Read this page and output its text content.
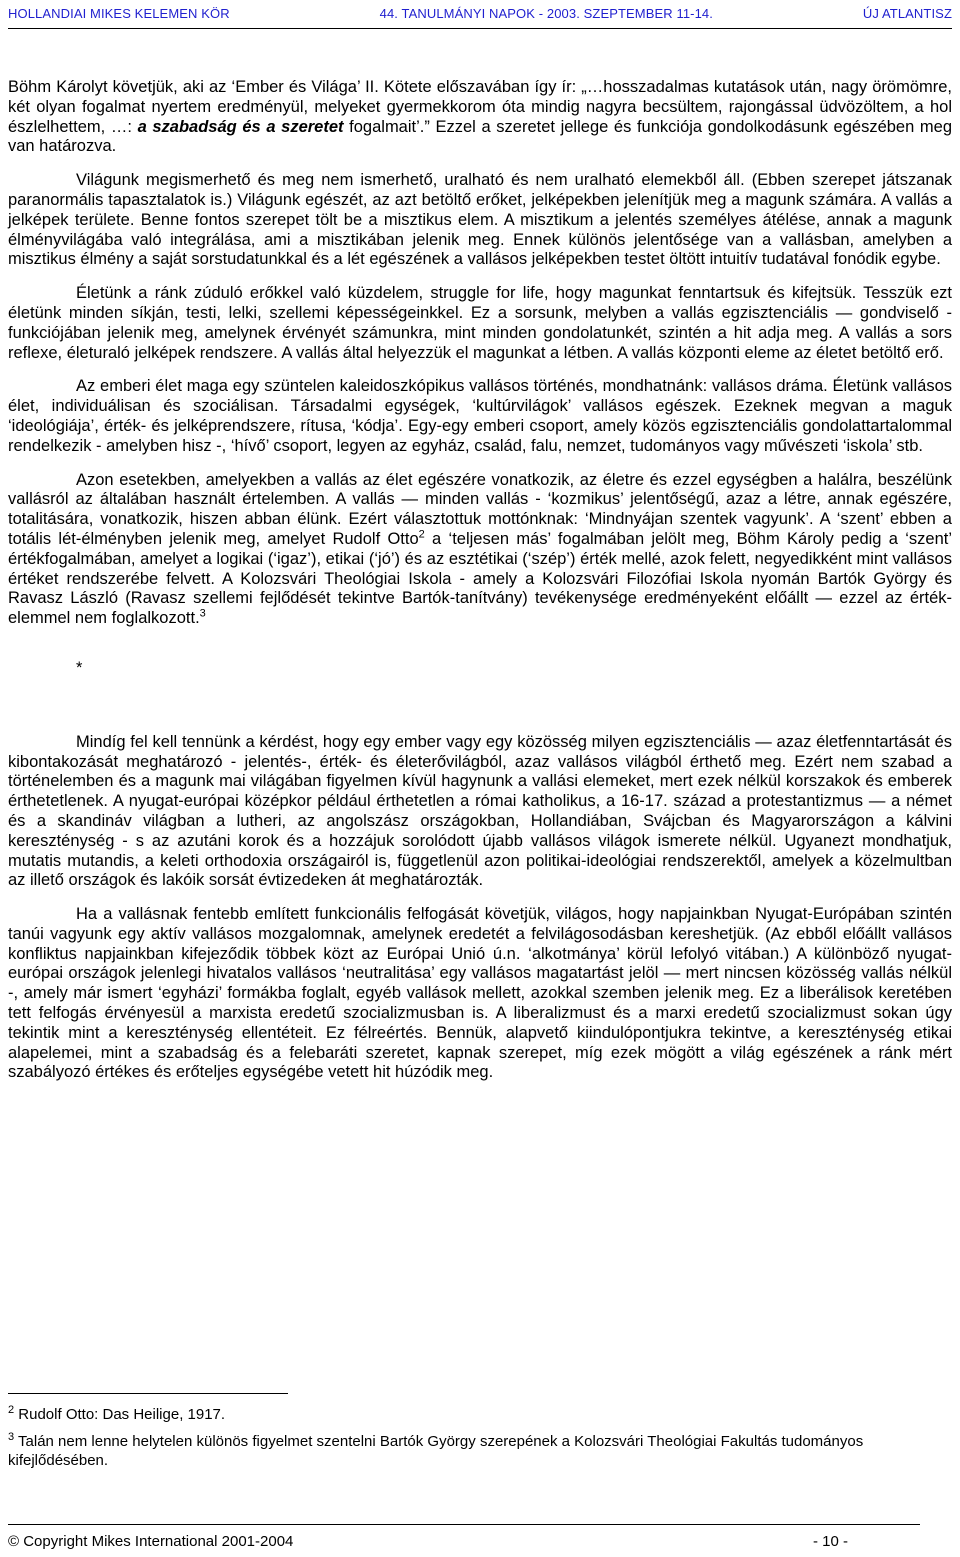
HOLLANDIAI MIKES KELEMEN KÖR	44. TANULMÁNYI NAPOK - 2003. SZEPTEMBER 11-14.	ÚJ ATLANTISZ

Böhm Károlyt követjük, aki az ‘Ember és Világa’ II. Kötete előszavában így ír: „…hosszadalmas kutatások után, nagy örömömre, két olyan fogalmat nyertem eredményül, melyeket gyermekkorom óta mindig nagyra becsültem, rajongással üdvözöltem, a hol észlelhettem, …: a szabadság és a szeretet fogalmait’.” Ezzel a szeretet jellege és funkciója gondolkodásunk egészében meg van határozva.

Világunk megismerhető és meg nem ismerhető, uralható és nem uralható elemekből áll. (Ebben szerepet játszanak paranormális tapasztalatok is.) Világunk egészét, az azt betöltő erőket, jelképekben jelenítjük meg a magunk számára. A vallás a jelképek területe. Benne fontos szerepet tölt be a misztikus elem. A misztikum a jelentés személyes átélése, annak a magunk élményvilágába való integrálása, ami a misztikában jelenik meg. Ennek különös jelentősége van a vallásban, amelyben a misztikus élmény a saját sorstudatunkkal és a lét egészének a vallásos jelképekben testet öltött intuitív tudatával fonódik egybe.

Életünk a ránk zúduló erőkkel való küzdelem, struggle for life, hogy magunkat fenntartsuk és kifejtsük. Tesszük ezt életünk minden síkján, testi, lelki, szellemi képességeinkkel. Ez a sorsunk, melyben a vallás egzisztenciális — gondviselő - funkciójában jelenik meg, amelynek érvényét számunkra, mint minden gondolatunkét, szintén a hit adja meg. A vallás a sors reflexe, életuraló jelképek rendszere. A vallás által helyezzük el magunkat a létben. A vallás központi eleme az életet betöltő erő.

Az emberi élet maga egy szüntelen kaleidoszkópikus vallásos történés, mondhatnánk: vallásos dráma. Életünk vallásos élet, individuálisan és szociálisan. Társadalmi egységek, ‘kultúrvilágok’ vallásos egészek. Ezeknek megvan a maguk ‘ideológiája’, érték- és jelképrendszere, rítusa, ‘kódja’. Egy-egy emberi csoport, amely közös egzisztenciális gondolattartalommal rendelkezik - amelyben hisz -, ‘hívő’ csoport, legyen az egyház, család, falu, nemzet, tudományos vagy művészeti ‘iskola’ stb.

Azon esetekben, amelyekben a vallás az élet egészére vonatkozik, az életre és ezzel egységben a halálra, beszélünk vallásról az általában használt értelemben. A vallás — minden vallás - ‘kozmikus’ jelentőségű, azaz a létre, annak egészére, totalitására, vonatkozik, hiszen abban élünk. Ezért választottuk mottónknak: ‘Mindnyájan szentek vagyunk’. A ‘szent’ ebben a totális lét-élményben jelenik meg, amelyet Rudolf Otto$^2$ a ‘teljesen más’ fogalmában jelölt meg, Böhm Károly pedig a ‘szent’ értékfogalmában, amelyet a logikai (‘igaz’), etikai (‘jó’) és az esztétikai (‘szép’) érték mellé, azok felett, negyedikként mint vallásos értéket rendszerébe felvett. A Kolozsvári Theológiai Iskola - amely a Kolozsvári Filozófiai Iskola nyomán Bartók György és Ravasz László (Ravasz szellemi fejlődését tekintve Bartók-tanítvány) tevékenysége eredményeként előállt — ezzel az érték-elemmel nem foglalkozott.$^3$

*

Mindíg fel kell tennünk a kérdést, hogy egy ember vagy egy közösség milyen egzisztenciális — azaz életfenntartását és kibontakozását meghatározó - jelentés-, érték- és életerővilágból, azaz vallásos világból érthető meg. Ezért nem szabad a történelemben és a magunk mai világában figyelmen kívül hagynunk a vallási elemeket, mert ezek nélkül korszakok és emberek érthetetlenek. A nyugat-európai középkor például érthetetlen a római katholikus, a 16-17. század a protestantizmus — a német és a skandináv világban a lutheri, az angolszász országokban, Hollandiában, Svájcban és Magyarországon a kálvini kereszténység - s az azutáni korok és a hozzájuk sorolódott újabb vallásos világok ismerete nélkül. Ugyanezt mondhatjuk, mutatis mutandis, a keleti orthodoxia országairól is, függetlenül azon politikai-ideológiai rendszerektől, amelyek a közelmultban az illető országok és lakóik sorsát évtizedeken át meghatározták.

Ha a vallásnak fentebb említett funkcionális felfogását követjük, világos, hogy napjainkban Nyugat-Európában szintén tanúi vagyunk egy aktív vallásos mozgalomnak, amelynek eredetét a felvilágosodásban kereshetjük. (Az ebből előállt vallásos konfliktus napjainkban kifejeződik többek közt az Európai Unió ú.n. ‘alkotmánya’ körül lefolyó vitában.) A különböző nyugat-európai országok jelenlegi hivatalos vallásos ‘neutralitása’ egy vallásos magatartást jelöl — mert nincsen közösség vallás nélkül -, amely már ismert ‘egyházi’ formákba foglalt, egyéb vallások mellett, azokkal szemben jelenik meg. Ez a liberálisok keretében tett felfogás érvényesül a marxista eredetű szocializmusban is. A liberalizmust és a marxi eredetű szocializmust sokan úgy tekintik mint a kereszténység ellentéteit. Ez félreértés. Bennük, alapvető kiindulópontjukra tekintve, a kereszténység etikai alapelemei, mint a szabadság és a felebaráti szeretet, kapnak szerepet, míg ezek mögött a világ egészének a ránk mért szabályozó értékes és erőteljes egységébe vetett hit húzódik meg.

$^2$ Rudolf Otto: Das Heilige, 1917.
$^3$ Talán nem lenne helytelen különös figyelmet szentelni Bartók György szerepének a Kolozsvári Theológiai Fakultás tudományos kifejlődésében.
© Copyright Mikes International 2001-2004	- 10 -
